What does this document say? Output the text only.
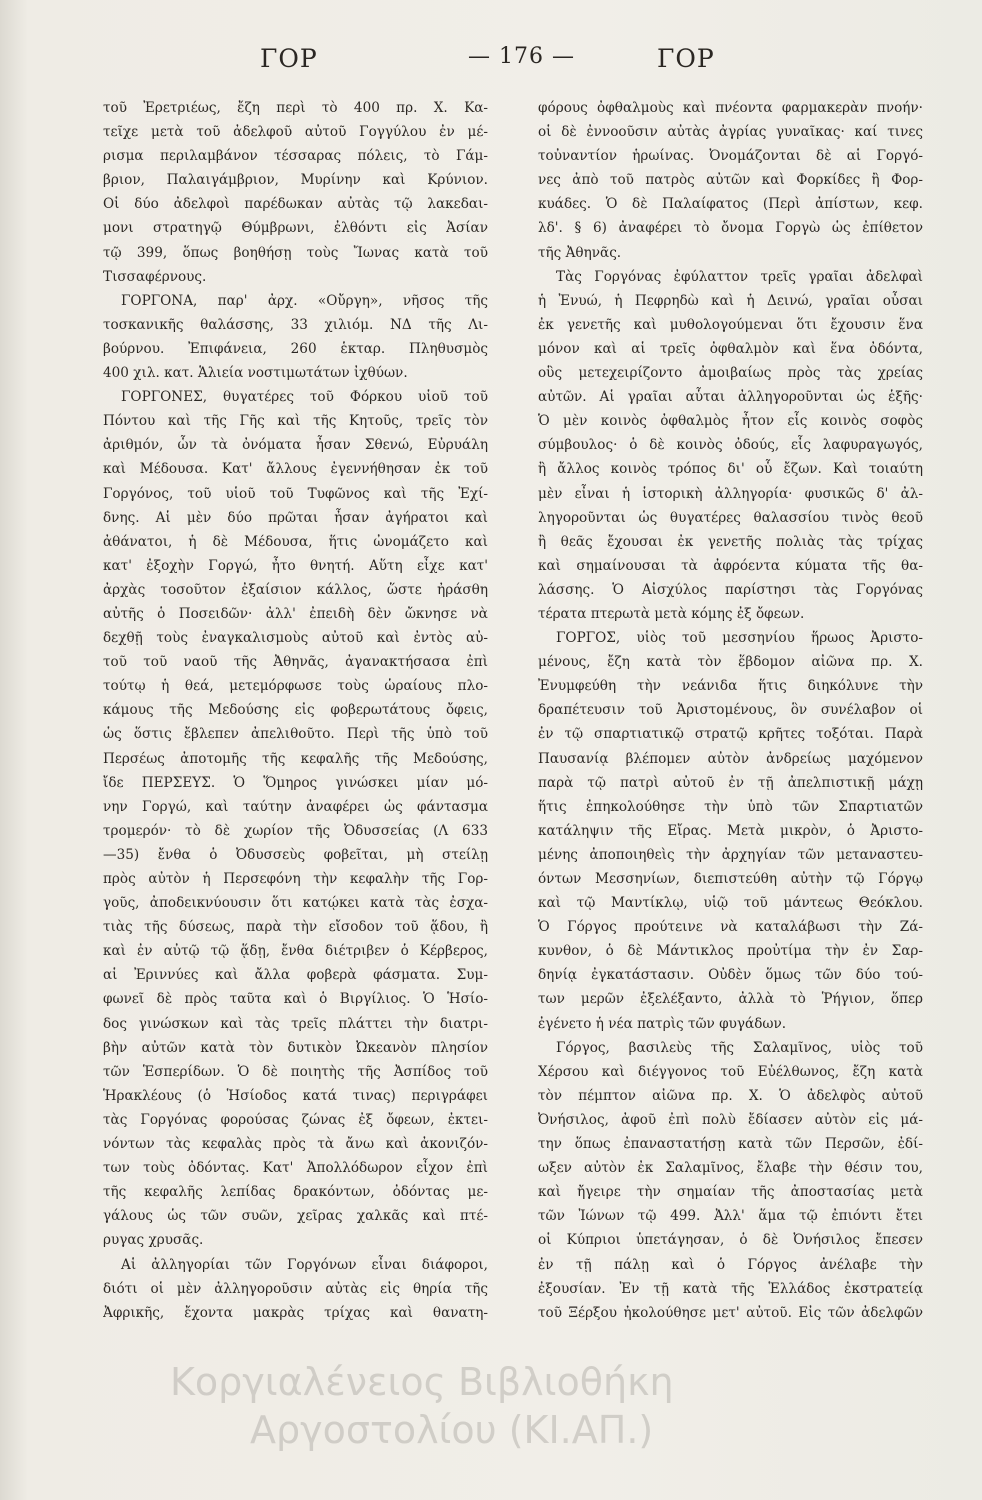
ΓΟΡ	— 176 —	ΓΟΡ
τοῦ Ἐρετριέως, ἔζη περὶ τὸ 400 πρ. Χ. Κα-
τεῖχε μετὰ τοῦ ἀδελφοῦ αὐτοῦ Γογγύλου ἐν μέ-
ρισμα περιλαμβάνον τέσσαρας πόλεις, τὸ Γάμ-
βριον, Παλαιγάμβριον, Μυρίνην καὶ Κρύνιον.
Οἱ δύο ἀδελφοὶ παρέδωκαν αὐτὰς τῷ λακεδαι-
μονι στρατηγῷ Θύμβρωνι, ἐλθόντι εἰς Ἀσίαν
τῷ 399, ὅπως βοηθήσῃ τοὺς Ἴωνας κατὰ τοῦ
Τισσαφέρνους.
ΓΟΡΓΟΝΑ, παρ' ἀρχ. «Οὔργη», νῆσος τῆς
τοσκανικῆς θαλάσσης, 33 χιλιόμ. ΝΔ τῆς Λι-
βούρνου. Ἐπιφάνεια, 260 ἑκταρ. Πληθυσμὸς
400 χιλ. κατ. Ἁλιεία νοστιμωτάτων ἰχθύων.
ΓΟΡΓΟΝΕΣ, θυγατέρες τοῦ Φόρκου υἱοῦ τοῦ
Πόντου καὶ τῆς Γῆς καὶ τῆς Κητοῦς, τρεῖς τὸν
ἀριθμόν, ὧν τὰ ὀνόματα ἦσαν Σθενώ, Εὐρυάλη
καὶ Μέδουσα. Κατ' ἄλλους ἐγεννήθησαν ἐκ τοῦ
Γοργόνος, τοῦ υἱοῦ τοῦ Τυφῶνος καὶ τῆς Ἐχί-
δνης. Αἱ μὲν δύο πρῶται ἦσαν ἀγήρατοι καὶ
ἀθάνατοι, ἡ δὲ Μέδουσα, ἥτις ὠνομάζετο καὶ
κατ' ἐξοχὴν Γοργώ, ἦτο θνητή. Αὕτη εἶχε κατ'
ἀρχὰς τοσοῦτον ἐξαίσιον κάλλος, ὥστε ἠράσθη
αὐτῆς ὁ Ποσειδῶν· ἀλλ' ἐπειδὴ δὲν ὤκνησε νὰ
δεχθῇ τοὺς ἐναγκαλισμοὺς αὐτοῦ καὶ ἐντὸς αὐ-
τοῦ τοῦ ναοῦ τῆς Ἀθηνᾶς, ἀγανακτήσασα ἐπὶ
τούτῳ ἡ θεά, μετεμόρφωσε τοὺς ὡραίους πλο-
κάμους τῆς Μεδούσης εἰς φοβερωτάτους ὄφεις,
ὡς ὅστις ἔβλεπεν ἀπελιθοῦτο. Περὶ τῆς ὑπὸ τοῦ
Περσέως ἀποτομῆς τῆς κεφαλῆς τῆς Μεδούσης,
ἴδε ΠΕΡΣΕΥΣ. Ὁ Ὅμηρος γινώσκει μίαν μό-
νην Γοργώ, καὶ ταύτην ἀναφέρει ὡς φάντασμα
τρομερόν· τὸ δὲ χωρίον τῆς Ὀδυσσείας (Λ 633
—35) ἔνθα ὁ Ὀδυσσεὺς φοβεῖται, μὴ στείλῃ
πρὸς αὐτὸν ἡ Περσεφόνη τὴν κεφαλὴν τῆς Γορ-
γοῦς, ἀποδεικνύουσιν ὅτι κατῴκει κατὰ τὰς ἐσχα-
τιὰς τῆς δύσεως, παρὰ τὴν εἴσοδον τοῦ ᾅδου, ἢ
καὶ ἐν αὐτῷ τῷ ᾅδῃ, ἔνθα διέτριβεν ὁ Κέρβερος,
αἱ Ἐριννύες καὶ ἄλλα φοβερὰ φάσματα. Συμ-
φωνεῖ δὲ πρὸς ταῦτα καὶ ὁ Βιργίλιος. Ὁ Ἡσίο-
δος γινώσκων καὶ τὰς τρεῖς πλάττει τὴν διατρι-
βὴν αὐτῶν κατὰ τὸν δυτικὸν Ὠκεανὸν πλησίον
τῶν Ἑσπερίδων. Ὁ δὲ ποιητὴς τῆς Ἀσπίδος τοῦ
Ἡρακλέους (ὁ Ἡσίοδος κατά τινας) περιγράφει
τὰς Γοργόνας φορούσας ζώνας ἐξ ὄφεων, ἐκτει-
νόντων τὰς κεφαλὰς πρὸς τὰ ἄνω καὶ ἀκονιζόν-
των τοὺς ὀδόντας. Κατ' Ἀπολλόδωρον εἶχον ἐπὶ
τῆς κεφαλῆς λεπίδας δρακόντων, ὀδόντας με-
γάλους ὡς τῶν συῶν, χεῖρας χαλκᾶς καὶ πτέ-
ρυγας χρυσᾶς.
Αἱ ἀλληγορίαι τῶν Γοργόνων εἶναι διάφοροι,
διότι οἱ μὲν ἀλληγοροῦσιν αὐτὰς εἰς θηρία τῆς
Ἀφρικῆς, ἔχοντα μακρὰς τρίχας καὶ θανατη-
φόρους ὀφθαλμοὺς καὶ πνέοντα φαρμακερὰν πνοήν·
οἱ δὲ ἐννοοῦσιν αὐτὰς ἀγρίας γυναῖκας· καί τινες
τοὐναντίον ἡρωίνας. Ὀνομάζονται δὲ αἱ Γοργό-
νες ἀπὸ τοῦ πατρὸς αὐτῶν καὶ Φορκίδες ἢ Φορ-
κυάδες. Ὁ δὲ Παλαίφατος (Περὶ ἀπίστων, κεφ.
λδ'. § 6) ἀναφέρει τὸ ὄνομα Γοργὼ ὡς ἐπίθετον
τῆς Ἀθηνᾶς.
Τὰς Γοργόνας ἐφύλαττον τρεῖς γραῖαι ἀδελφαὶ
ἡ Ἐνυώ, ἡ Πεφρηδὼ καὶ ἡ Δεινώ, γραῖαι οὖσαι
ἐκ γενετῆς καὶ μυθολογούμεναι ὅτι ἔχουσιν ἕνα
μόνον καὶ αἱ τρεῖς ὀφθαλμὸν καὶ ἕνα ὀδόντα,
οὓς μετεχειρίζοντο ἀμοιβαίως πρὸς τὰς χρείας
αὐτῶν. Αἱ γραῖαι αὗται ἀλληγοροῦνται ὡς ἑξῆς·
Ὁ μὲν κοινὸς ὀφθαλμὸς ἦτον εἷς κοινὸς σοφὸς
σύμβουλος· ὁ δὲ κοινὸς ὀδούς, εἷς λαφυραγωγός,
ἢ ἄλλος κοινὸς τρόπος δι' οὗ ἔζων. Καὶ τοιαύτη
μὲν εἶναι ἡ ἱστορικὴ ἀλληγορία· φυσικῶς δ' ἀλ-
ληγοροῦνται ὡς θυγατέρες θαλασσίου τινὸς θεοῦ
ἢ θεᾶς ἔχουσαι ἐκ γενετῆς πολιὰς τὰς τρίχας
καὶ σημαίνουσαι τὰ ἀφρόεντα κύματα τῆς θα-
λάσσης. Ὁ Αἰσχύλος παρίστησι τὰς Γοργόνας
τέρατα πτερωτὰ μετὰ κόμης ἐξ ὄφεων.
ΓΟΡΓΟΣ, υἱὸς τοῦ μεσσηνίου ἥρωος Ἀριστο-
μένους, ἔζη κατὰ τὸν ἕβδομον αἰῶνα πρ. Χ.
Ἐνυμφεύθη τὴν νεάνιδα ἥτις διηκόλυνε τὴν
δραπέτευσιν τοῦ Ἀριστομένους, ὃν συνέλαβον οἱ
ἐν τῷ σπαρτιατικῷ στρατῷ κρῆτες τοξόται. Παρὰ
Παυσανίᾳ βλέπομεν αὐτὸν ἀνδρείως μαχόμενον
παρὰ τῷ πατρὶ αὐτοῦ ἐν τῇ ἀπελπιστικῇ μάχῃ
ἥτις ἐπηκολούθησε τὴν ὑπὸ τῶν Σπαρτιατῶν
κατάληψιν τῆς Εἴρας. Μετὰ μικρὸν, ὁ Ἀριστο-
μένης ἀποποιηθεὶς τὴν ἀρχηγίαν τῶν μεταναστευ-
όντων Μεσσηνίων, διεπιστεύθη αὐτὴν τῷ Γόργῳ
καὶ τῷ Μαντίκλῳ, υἱῷ τοῦ μάντεως Θεόκλου.
Ὁ Γόργος προύτεινε νὰ καταλάβωσι τὴν Ζά-
κυνθον, ὁ δὲ Μάντικλος προὐτίμα τὴν ἐν Σαρ-
δηνίᾳ ἐγκατάστασιν. Οὐδὲν ὅμως τῶν δύο τού-
των μερῶν ἐξελέξαντο, ἀλλὰ τὸ Ῥήγιον, ὅπερ
ἐγένετο ἡ νέα πατρὶς τῶν φυγάδων.
Γόργος, βασιλεὺς τῆς Σαλαμῖνος, υἱὸς τοῦ
Χέρσου καὶ διέγγονος τοῦ Εὐέλθωνος, ἔζη κατὰ
τὸν πέμπτον αἰῶνα πρ. Χ. Ὁ ἀδελφὸς αὐτοῦ
Ὀνήσιλος, ἀφοῦ ἐπὶ πολὺ ἔδίασεν αὐτὸν εἰς μά-
την ὅπως ἐπαναστατήσῃ κατὰ τῶν Περσῶν, ἐδί-
ωξεν αὐτὸν ἐκ Σαλαμῖνος, ἔλαβε τὴν θέσιν του,
καὶ ἤγειρε τὴν σημαίαν τῆς ἀποστασίας μετὰ
τῶν Ἰώνων τῷ 499. Ἀλλ' ἅμα τῷ ἐπιόντι ἔτει
οἱ Κύπριοι ὑπετάγησαν, ὁ δὲ Ὀνήσιλος ἔπεσεν
ἐν τῇ πάλῃ καὶ ὁ Γόργος ἀνέλαβε τὴν
ἐξουσίαν. Ἐν τῇ κατὰ τῆς Ἑλλάδος ἐκστρατείᾳ
τοῦ Ξέρξου ἠκολούθησε μετ' αὐτοῦ. Εἰς τῶν ἀδελφῶν
Κοργιαλένειος Βιβλιοθήκη
Αργοστολίου (ΚΙ.ΑΠ.)
